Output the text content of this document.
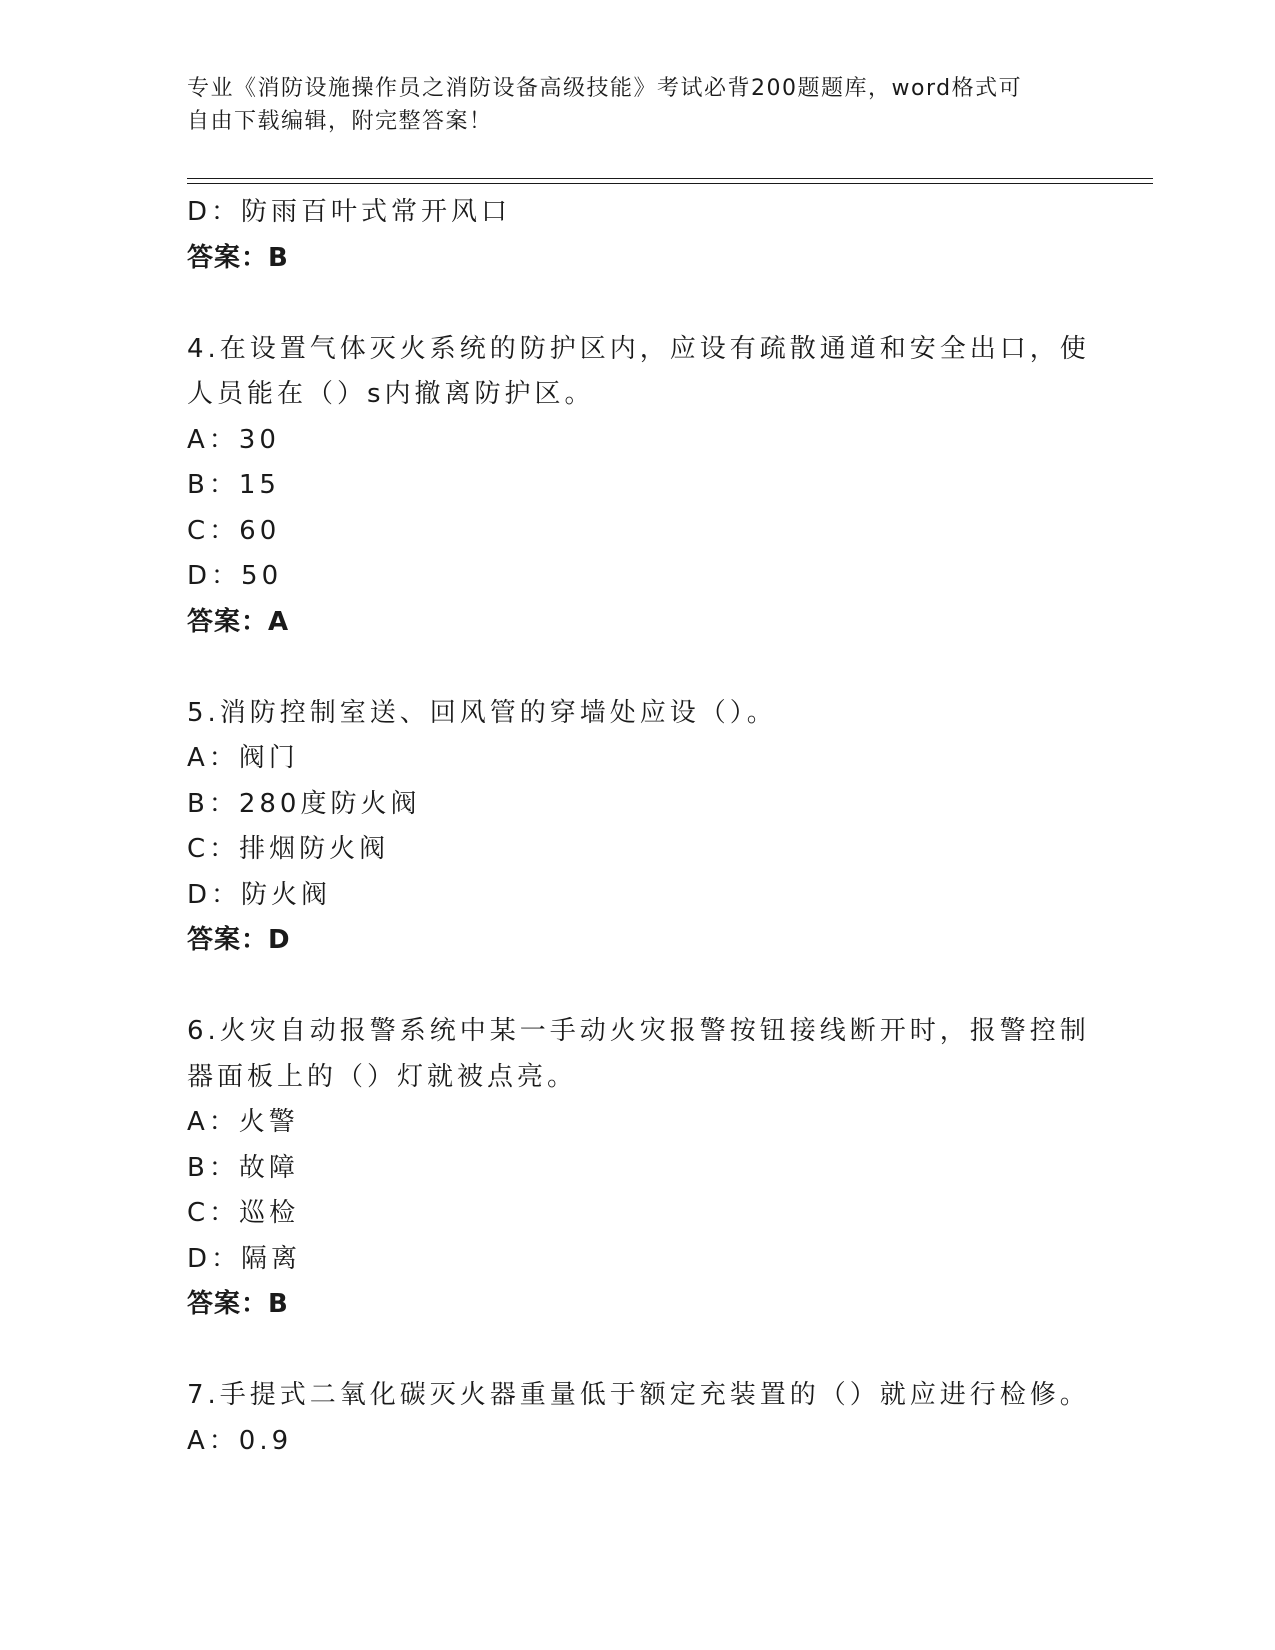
专业《消防设施操作员之消防设备高级技能》考试必背200题题库，word格式可
自由下载编辑，附完整答案！
D：防雨百叶式常开风口
答案：B
4.在设置气体灭火系统的防护区内，应设有疏散通道和安全出口，使
人员能在（）s内撤离防护区。
A：30
B：15
C：60
D：50
答案：A
5.消防控制室送、回风管的穿墙处应设（）。
A：阀门
B：280度防火阀
C：排烟防火阀
D：防火阀
答案：D
6.火灾自动报警系统中某一手动火灾报警按钮接线断开时，报警控制
器面板上的（）灯就被点亮。
A：火警
B：故障
C：巡检
D：隔离
答案：B
7.手提式二氧化碳灭火器重量低于额定充装置的（）就应进行检修。
A：0.9
